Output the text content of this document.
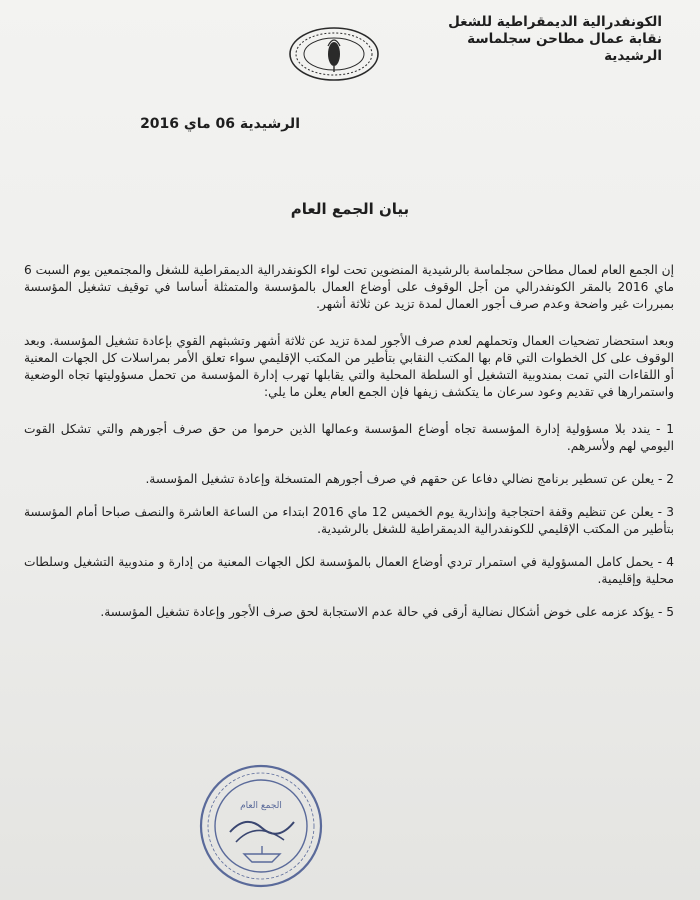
الكونفدرالية الديمقراطية للشغل
نقابة عمال مطاحن سجلماسة
الرشيدية
الرشيدية 06 ماي 2016
بيان الجمع العام

إن الجمع العام لعمال مطاحن سجلماسة بالرشيدية المنضوين تحت لواء الكونفدرالية الديمقراطية للشغل والمجتمعين يوم السبت 6 ماي 2016 بالمقر الكونفدرالي من أجل الوقوف على أوضاع العمال بالمؤسسة والمتمثلة أساسا في توقيف تشغيل المؤسسة بمبررات غير واضحة وعدم صرف أجور العمال لمدة تزيد عن ثلاثة أشهر.

وبعد استحضار تضحيات العمال وتحملهم لعدم صرف الأجور لمدة تزيد عن ثلاثة أشهر وتشبثهم القوي بإعادة تشغيل المؤسسة. وبعد الوقوف على كل الخطوات التي قام بها المكتب النقابي بتأطير من المكتب الإقليمي سواء تعلق الأمر بمراسلات كل الجهات المعنية أو اللقاءات التي تمت بمندوبية التشغيل أو السلطة المحلية والتي يقابلها تهرب إدارة المؤسسة من تحمل مسؤوليتها تجاه الوضعية واستمرارها في تقديم وعود سرعان ما يتكشف زيفها فإن الجمع العام يعلن ما يلي:

1 - يندد بلا مسؤولية إدارة المؤسسة تجاه أوضاع المؤسسة وعمالها الذين حرموا من حق صرف أجورهم والتي تشكل القوت اليومي لهم ولأسرهم.

2 - يعلن عن تسطير برنامج نضالي دفاعا عن حقهم في صرف أجورهم المتسخلة وإعادة تشغيل المؤسسة.

3 - يعلن عن تنظيم وقفة احتجاجية وإنذارية يوم الخميس 12 ماي 2016 ابتداء من الساعة العاشرة والنصف صباحا أمام المؤسسة بتأطير من المكتب الإقليمي للكونفدرالية الديمقراطية للشغل بالرشيدية.

4 - يحمل كامل المسؤولية في استمرار تردي أوضاع العمال بالمؤسسة لكل الجهات المعنية من إدارة و مندوبية التشغيل وسلطات محلية وإقليمية.

5 - يؤكد عزمه على خوض أشكال نضالية أرقى في حالة عدم الاستجابة لحق صرف الأجور وإعادة تشغيل المؤسسة.

الجمع العام
